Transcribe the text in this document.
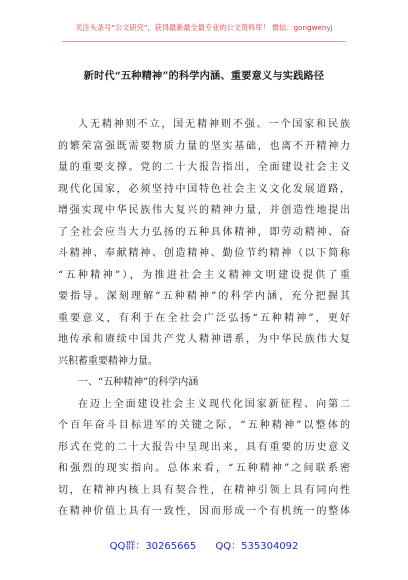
关注头条号“公文研究”，获得最新最全最专业的公文资料库！ 微信：gongwenyj
新时代“五种精神”的科学内涵、重要意义与实践路径
人无精神则不立，国无精神则不强。一个国家和民族
的繁荣富强既需要物质力量的坚实基础，也离不开精神力
量的重要支撑。党的二十大报告指出，全面建设社会主义
现代化国家，必须坚持中国特色社会主义文化发展道路，
增强实现中华民族伟大复兴的精神力量，并创造性地提出
了全社会应当大力弘扬的五种具体精神，即劳动精神、奋
斗精神、奉献精神、创造精神、勤俭节约精神（以下简称
“五种精神”），为推进社会主义精神文明建设提供了重
要指导。深刻理解“五种精神”的科学内涵，充分把握其
重要意义，有利于在全社会广泛弘扬“五种精神”，更好
地传承和赓续中国共产党人精神谱系，为中华民族伟大复
兴积蓄重要精神力量。
一、“五种精神”的科学内涵
在迈上全面建设社会主义现代化国家新征程、向第二
个百年奋斗目标进军的关键之际，“五种精神”以整体的
形式在党的二十大报告中呈现出来，具有重要的历史意义
和强烈的现实指向。总体来看，“五种精神”之间联系密
切，在精神内核上具有契合性，在精神引领上具有同向性
在精神价值上具有一致性，因而形成一个有机统一的整体
QQ群：30265665 QQ：535304092
